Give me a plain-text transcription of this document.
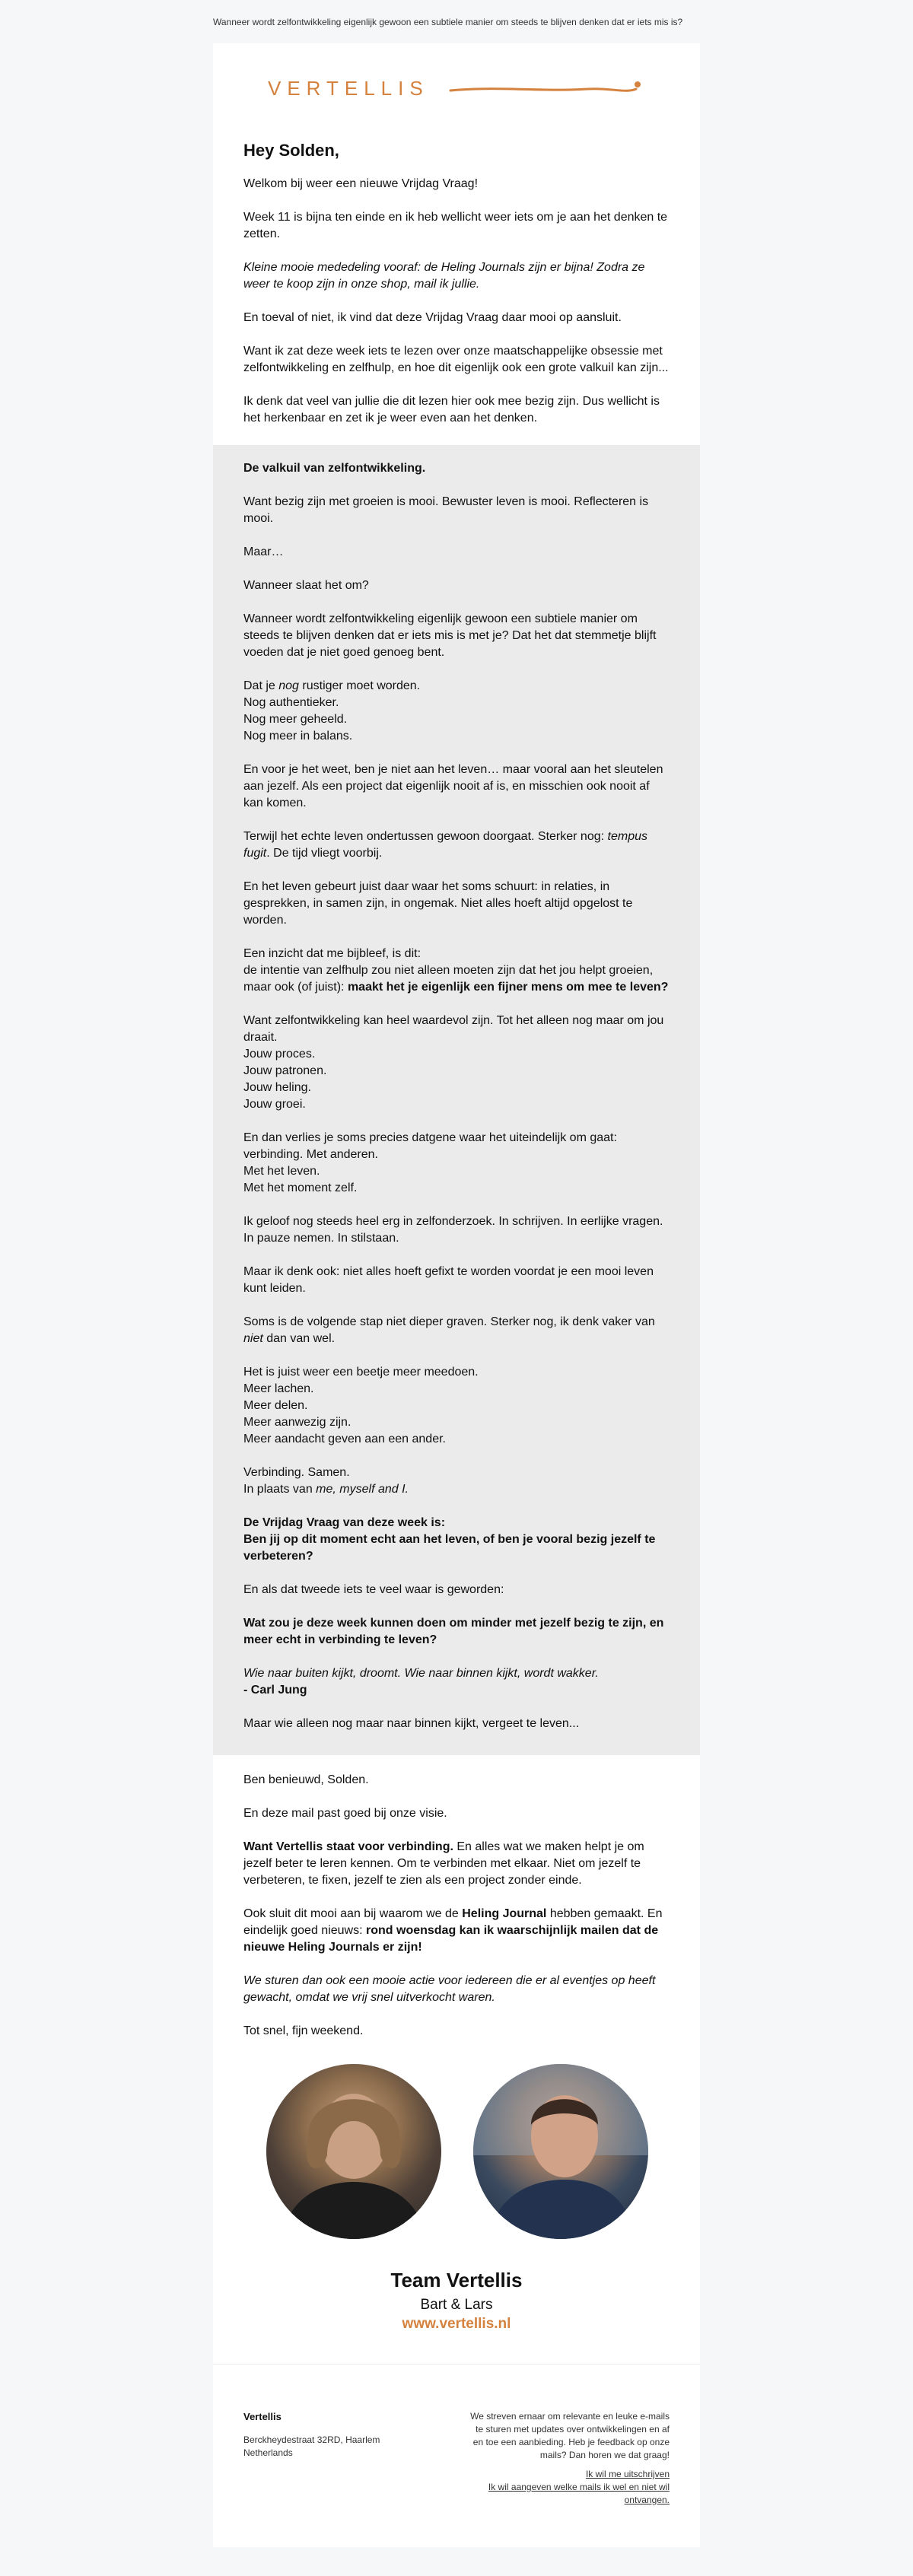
Wanneer wordt zelfontwikkeling eigenlijk gewoon een subtiele manier om steeds te blijven denken dat er iets mis is?
VERTELLIS

Hey Solden,

Welkom bij weer een nieuwe Vrijdag Vraag!

Week 11 is bijna ten einde en ik heb wellicht weer iets om je aan het denken te zetten.

Kleine mooie mededeling vooraf: de Heling Journals zijn er bijna! Zodra ze weer te koop zijn in onze shop, mail ik jullie.

En toeval of niet, ik vind dat deze Vrijdag Vraag daar mooi op aansluit.

Want ik zat deze week iets te lezen over onze maatschappelijke obsessie met zelfontwikkeling en zelfhulp, en hoe dit eigenlijk ook een grote valkuil kan zijn...

Ik denk dat veel van jullie die dit lezen hier ook mee bezig zijn. Dus wellicht is het herkenbaar en zet ik je weer even aan het denken.

De valkuil van zelfontwikkeling.

Want bezig zijn met groeien is mooi. Bewuster leven is mooi. Reflecteren is mooi.

Maar…

Wanneer slaat het om?

Wanneer wordt zelfontwikkeling eigenlijk gewoon een subtiele manier om steeds te blijven denken dat er iets mis is met je? Dat het dat stemmetje blijft voeden dat je niet goed genoeg bent.

Dat je nog rustiger moet worden.
Nog authentieker.
Nog meer geheeld.
Nog meer in balans.

En voor je het weet, ben je niet aan het leven… maar vooral aan het sleutelen aan jezelf. Als een project dat eigenlijk nooit af is, en misschien ook nooit af kan komen.

Terwijl het echte leven ondertussen gewoon doorgaat. Sterker nog: tempus fugit. De tijd vliegt voorbij.

En het leven gebeurt juist daar waar het soms schuurt: in relaties, in gesprekken, in samen zijn, in ongemak. Niet alles hoeft altijd opgelost te worden.

Een inzicht dat me bijbleef, is dit:
de intentie van zelfhulp zou niet alleen moeten zijn dat het jou helpt groeien, maar ook (of juist): maakt het je eigenlijk een fijner mens om mee te leven?

Want zelfontwikkeling kan heel waardevol zijn. Tot het alleen nog maar om jou draait.
Jouw proces.
Jouw patronen.
Jouw heling.
Jouw groei.

En dan verlies je soms precies datgene waar het uiteindelijk om gaat:
verbinding. Met anderen.
Met het leven.
Met het moment zelf.

Ik geloof nog steeds heel erg in zelfonderzoek. In schrijven. In eerlijke vragen. In pauze nemen. In stilstaan.

Maar ik denk ook: niet alles hoeft gefixt te worden voordat je een mooi leven kunt leiden.

Soms is de volgende stap niet dieper graven. Sterker nog, ik denk vaker van niet dan van wel.

Het is juist weer een beetje meer meedoen.
Meer lachen.
Meer delen.
Meer aanwezig zijn.
Meer aandacht geven aan een ander.

Verbinding. Samen.
In plaats van me, myself and I.

De Vrijdag Vraag van deze week is:
Ben jij op dit moment echt aan het leven, of ben je vooral bezig jezelf te verbeteren?

En als dat tweede iets te veel waar is geworden:

Wat zou je deze week kunnen doen om minder met jezelf bezig te zijn, en meer echt in verbinding te leven?

Wie naar buiten kijkt, droomt. Wie naar binnen kijkt, wordt wakker.
- Carl Jung

Maar wie alleen nog maar naar binnen kijkt, vergeet te leven...

Ben benieuwd, Solden.

En deze mail past goed bij onze visie.

Want Vertellis staat voor verbinding. En alles wat we maken helpt je om jezelf beter te leren kennen. Om te verbinden met elkaar. Niet om jezelf te verbeteren, te fixen, jezelf te zien als een project zonder einde.

Ook sluit dit mooi aan bij waarom we de Heling Journal hebben gemaakt. En eindelijk goed nieuws: rond woensdag kan ik waarschijnlijk mailen dat de nieuwe Heling Journals er zijn!

We sturen dan ook een mooie actie voor iedereen die er al eventjes op heeft gewacht, omdat we vrij snel uitverkocht waren.

Tot snel, fijn weekend.

Team Vertellis
Bart & Lars
www.vertellis.nl
Vertellis
Berckheydestraat 32RD, Haarlem
Netherlands
We streven ernaar om relevante en leuke e-mails te sturen met updates over ontwikkelingen en af en toe een aanbieding. Heb je feedback op onze mails? Dan horen we dat graag!
Ik wil me uitschrijven
Ik wil aangeven welke mails ik wel en niet wil ontvangen.
